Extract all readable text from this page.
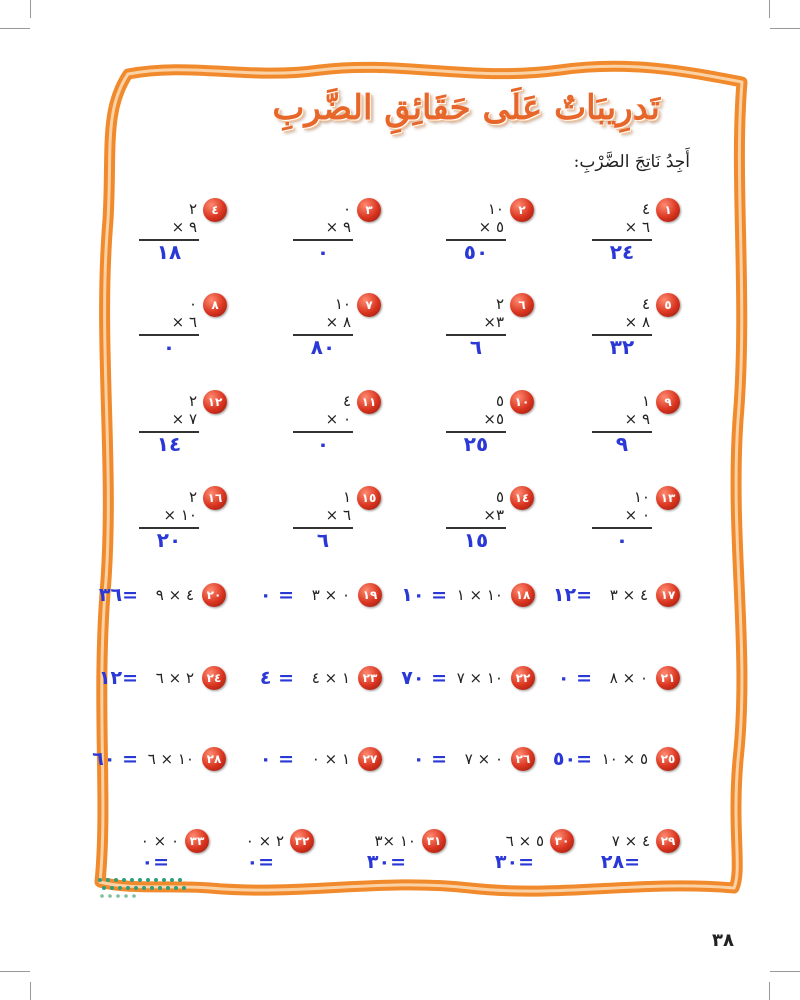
تَدرِيبَاتٌ عَلَى حَقَائِقِ الضَّربِ
أَجِدُ نَاتِجَ الضَّرْبِ:
١
٤
٦ ×
٢٤
٢
١٠
٥ ×
٥٠
٣
٠
٩ ×
٠
٤
٢
٩ ×
١٨
٥
٤
٨ ×
٣٢
٦
٢
٣×
٦
٧
١٠
٨ ×
٨٠
٨
٠
٦ ×
٠
٩
١
٩ ×
٩
١٠
٥
٥×
٢٥
١١
٤
٠ ×
٠
١٢
٢
٧ ×
١٤
١٣
١٠
٠ ×
٠
١٤
٥
٣×
١٥
١٥
١
٦ ×
٦
١٦
٢
١٠ ×
٢٠
١٧
٤ × ٣
=١٢
١٨
١٠ × ١
= ١٠
١٩
٠ × ٣
= ٠
٢٠
٤ × ٩
=٣٦
٢١
٠ × ٨
= ٠
٢٢
١٠ × ٧
= ٧٠
٢٣
١ × ٤
= ٤
٢٤
٢ × ٦
=١٢
٢٥
٥ × ١٠
=٥٠
٢٦
٠ × ٧
= ٠
٢٧
١ × ٠
= ٠
٢٨
١٠ × ٦
= ٦٠
٢٩
٤ × ٧
=٢٨
٣٠
٥ × ٦
=٣٠
٣١
١٠ ×٣
=٣٠
٣٢
٢ × ٠
=٠
٣٣
٠ × ٠
=٠
٣٨
